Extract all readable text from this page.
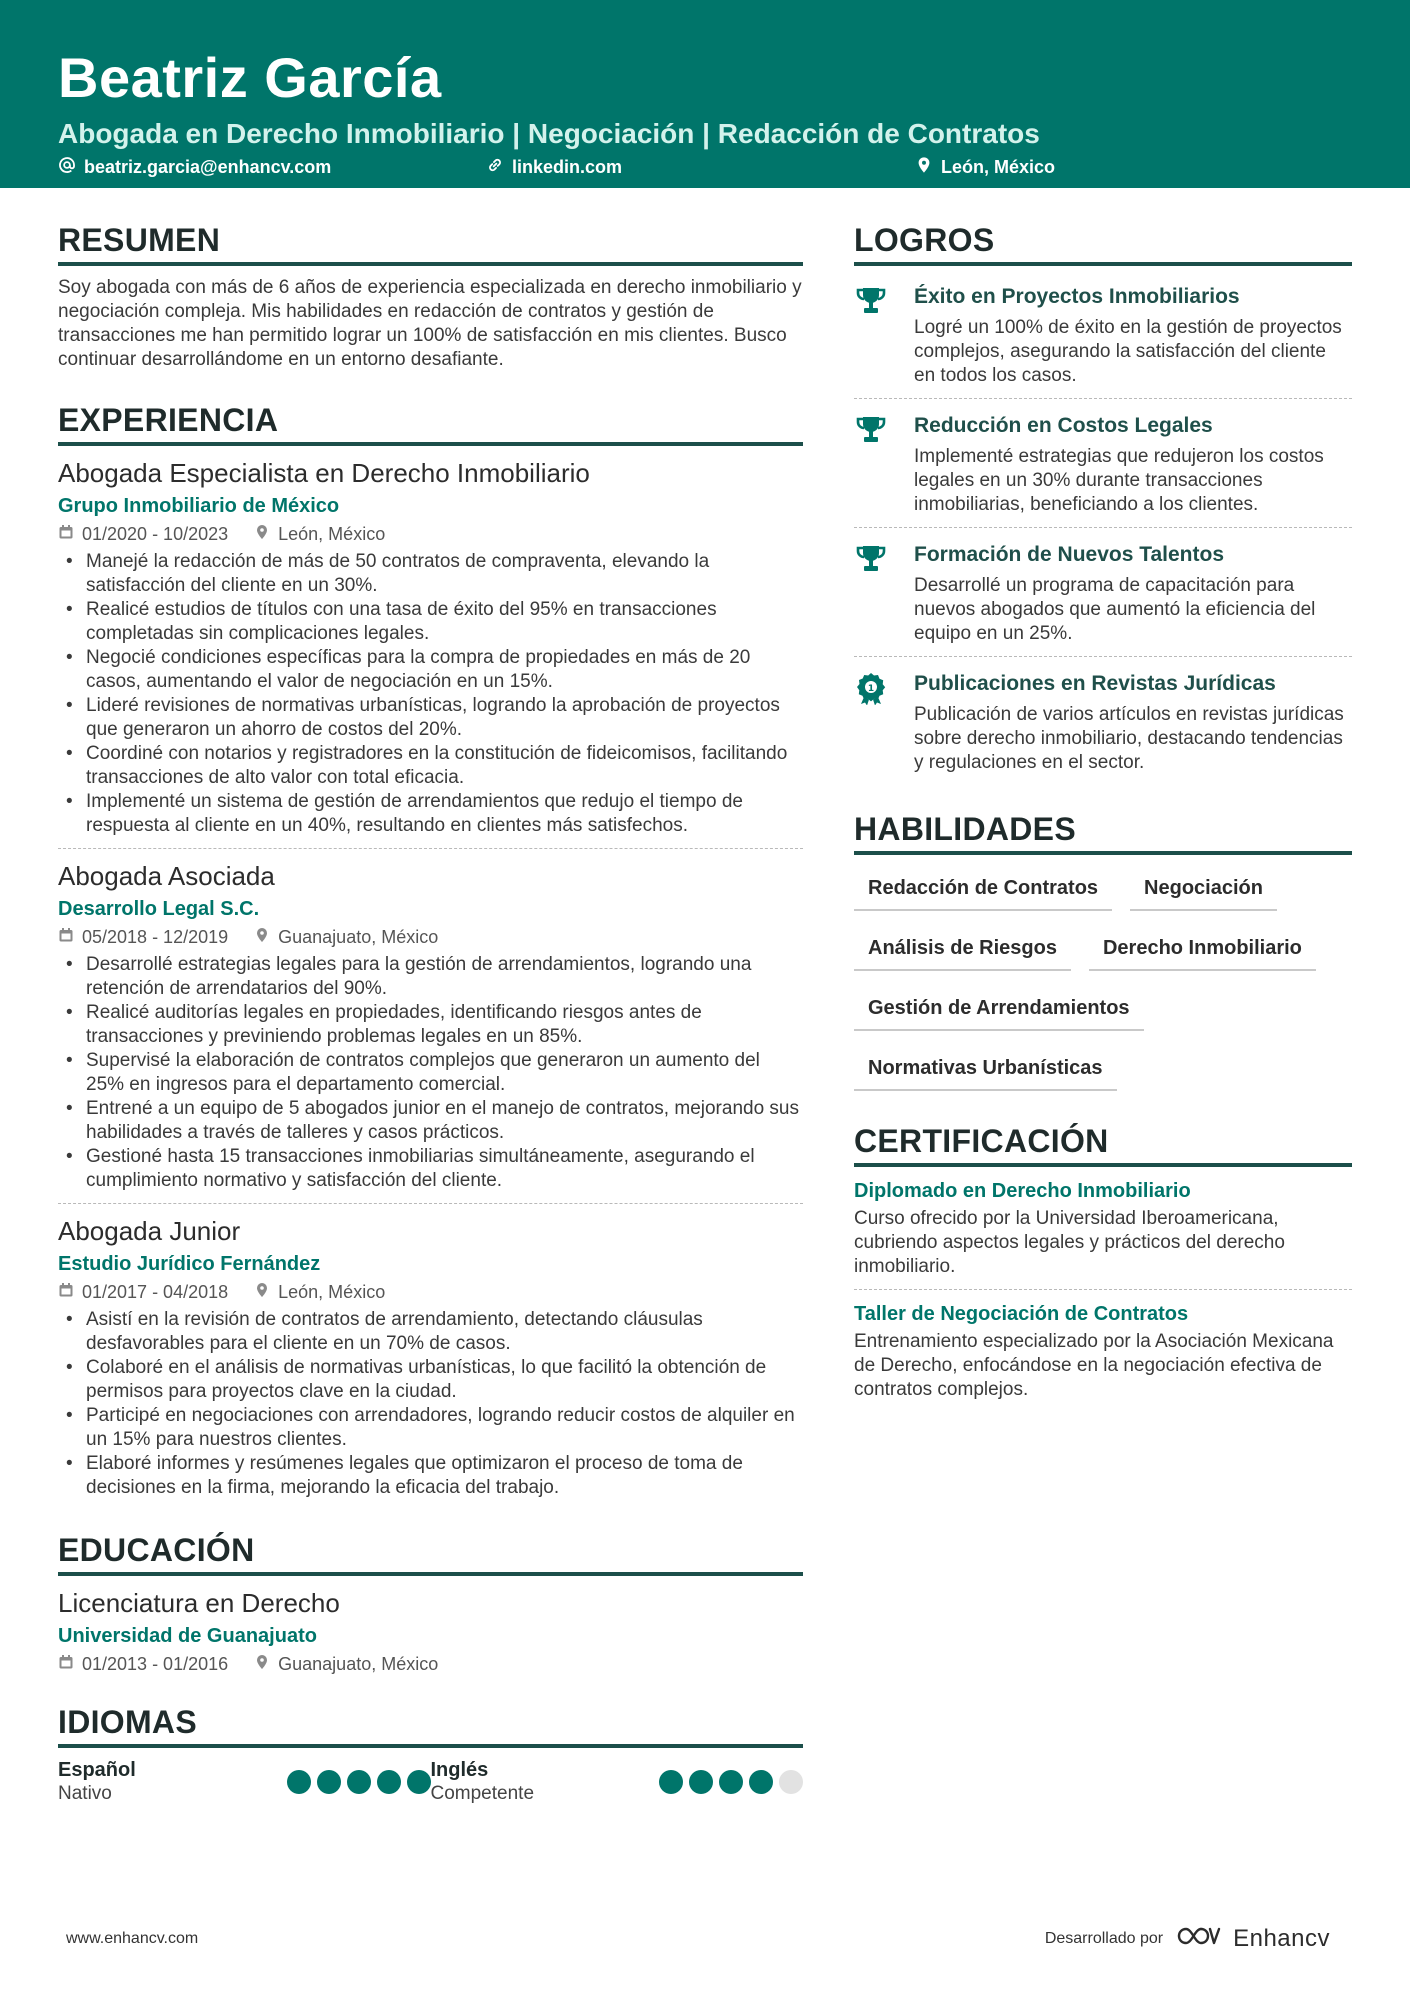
Beatriz García
Abogada en Derecho Inmobiliario | Negociación | Redacción de Contratos
beatriz.garcia@enhancv.com	linkedin.com	León, México
RESUMEN
Soy abogada con más de 6 años de experiencia especializada en derecho inmobiliario y negociación compleja. Mis habilidades en redacción de contratos y gestión de transacciones me han permitido lograr un 100% de satisfacción en mis clientes. Busco continuar desarrollándome en un entorno desafiante.
EXPERIENCIA
Abogada Especialista en Derecho Inmobiliario
Grupo Inmobiliario de México
01/2020 - 10/2023	León, México
• Manejé la redacción de más de 50 contratos de compraventa, elevando la satisfacción del cliente en un 30%.
• Realicé estudios de títulos con una tasa de éxito del 95% en transacciones completadas sin complicaciones legales.
• Negocié condiciones específicas para la compra de propiedades en más de 20 casos, aumentando el valor de negociación en un 15%.
• Lideré revisiones de normativas urbanísticas, logrando la aprobación de proyectos que generaron un ahorro de costos del 20%.
• Coordiné con notarios y registradores en la constitución de fideicomisos, facilitando transacciones de alto valor con total eficacia.
• Implementé un sistema de gestión de arrendamientos que redujo el tiempo de respuesta al cliente en un 40%, resultando en clientes más satisfechos.
Abogada Asociada
Desarrollo Legal S.C.
05/2018 - 12/2019	Guanajuato, México
• Desarrollé estrategias legales para la gestión de arrendamientos, logrando una retención de arrendatarios del 90%.
• Realicé auditorías legales en propiedades, identificando riesgos antes de transacciones y previniendo problemas legales en un 85%.
• Supervisé la elaboración de contratos complejos que generaron un aumento del 25% en ingresos para el departamento comercial.
• Entrené a un equipo de 5 abogados junior en el manejo de contratos, mejorando sus habilidades a través de talleres y casos prácticos.
• Gestioné hasta 15 transacciones inmobiliarias simultáneamente, asegurando el cumplimiento normativo y satisfacción del cliente.
Abogada Junior
Estudio Jurídico Fernández
01/2017 - 04/2018	León, México
• Asistí en la revisión de contratos de arrendamiento, detectando cláusulas desfavorables para el cliente en un 70% de casos.
• Colaboré en el análisis de normativas urbanísticas, lo que facilitó la obtención de permisos para proyectos clave en la ciudad.
• Participé en negociaciones con arrendadores, logrando reducir costos de alquiler en un 15% para nuestros clientes.
• Elaboré informes y resúmenes legales que optimizaron el proceso de toma de decisiones en la firma, mejorando la eficacia del trabajo.
EDUCACIÓN
Licenciatura en Derecho
Universidad de Guanajuato
01/2013 - 01/2016	Guanajuato, México
IDIOMAS
Español
Nativo
Inglés
Competente
LOGROS
Éxito en Proyectos Inmobiliarios
Logré un 100% de éxito en la gestión de proyectos complejos, asegurando la satisfacción del cliente en todos los casos.
Reducción en Costos Legales
Implementé estrategias que redujeron los costos legales en un 30% durante transacciones inmobiliarias, beneficiando a los clientes.
Formación de Nuevos Talentos
Desarrollé un programa de capacitación para nuevos abogados que aumentó la eficiencia del equipo en un 25%.
1 Publicaciones en Revistas Jurídicas
Publicación de varios artículos en revistas jurídicas sobre derecho inmobiliario, destacando tendencias y regulaciones en el sector.
HABILIDADES
Redacción de Contratos	Negociación
Análisis de Riesgos	Derecho Inmobiliario
Gestión de Arrendamientos
Normativas Urbanísticas
CERTIFICACIÓN
Diplomado en Derecho Inmobiliario
Curso ofrecido por la Universidad Iberoamericana, cubriendo aspectos legales y prácticos del derecho inmobiliario.
Taller de Negociación de Contratos
Entrenamiento especializado por la Asociación Mexicana de Derecho, enfocándose en la negociación efectiva de contratos complejos.
www.enhancv.com	Desarrollado por	Enhancv
